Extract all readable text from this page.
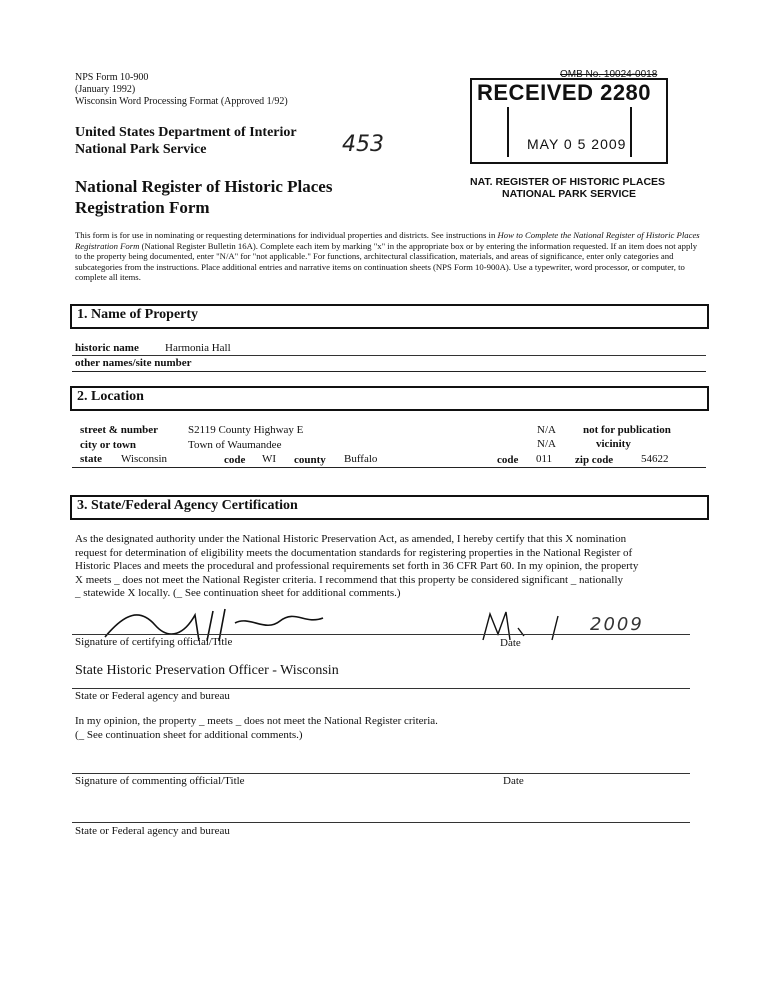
NPS Form 10-900
(January 1992)
Wisconsin Word Processing Format (Approved 1/92)
United States Department of Interior
National Park Service	453
OMB No. 10024-0018
RECEIVED 2280
MAY 0 5 2009
NAT. REGISTER OF HISTORIC PLACES
NATIONAL PARK SERVICE
National Register of Historic Places
Registration Form
This form is for use in nominating or requesting determinations for individual properties and districts. See instructions in How to Complete the National Register of Historic Places Registration Form (National Register Bulletin 16A). Complete each item by marking "x" in the appropriate box or by entering the information requested. If an item does not apply to the property being documented, enter "N/A" for "not applicable." For functions, architectural classification, materials, and areas of significance, enter only categories and subcategories from the instructions. Place additional entries and narrative items on continuation sheets (NPS Form 10-900A). Use a typewriter, word processor, or computer, to complete all items.
1. Name of Property
historic name Harmonia Hall
other names/site number
2. Location
street & number	S2119 County Highway E	N/A not for publication
city or town	Town of Waumandee	N/A	vicinity
state Wisconsin	code WI county Buffalo	code 011 zip code	54622
3. State/Federal Agency Certification
As the designated authority under the National Historic Preservation Act, as amended, I hereby certify that this X nomination
request for determination of eligibility meets the documentation standards for registering properties in the National Register of
Historic Places and meets the procedural and professional requirements set forth in 36 CFR Part 60. In my opinion, the property
X meets _ does not meet the National Register criteria. I recommend that this property be considered significant _ nationally
_ statewide X locally. (_ See continuation sheet for additional comments.)
2009
Signature of certifying official/Title	Date
State Historic Preservation Officer - Wisconsin
State or Federal agency and bureau
In my opinion, the property _ meets _ does not meet the National Register criteria.
(_ See continuation sheet for additional comments.)
Signature of commenting official/Title	Date
State or Federal agency and bureau
